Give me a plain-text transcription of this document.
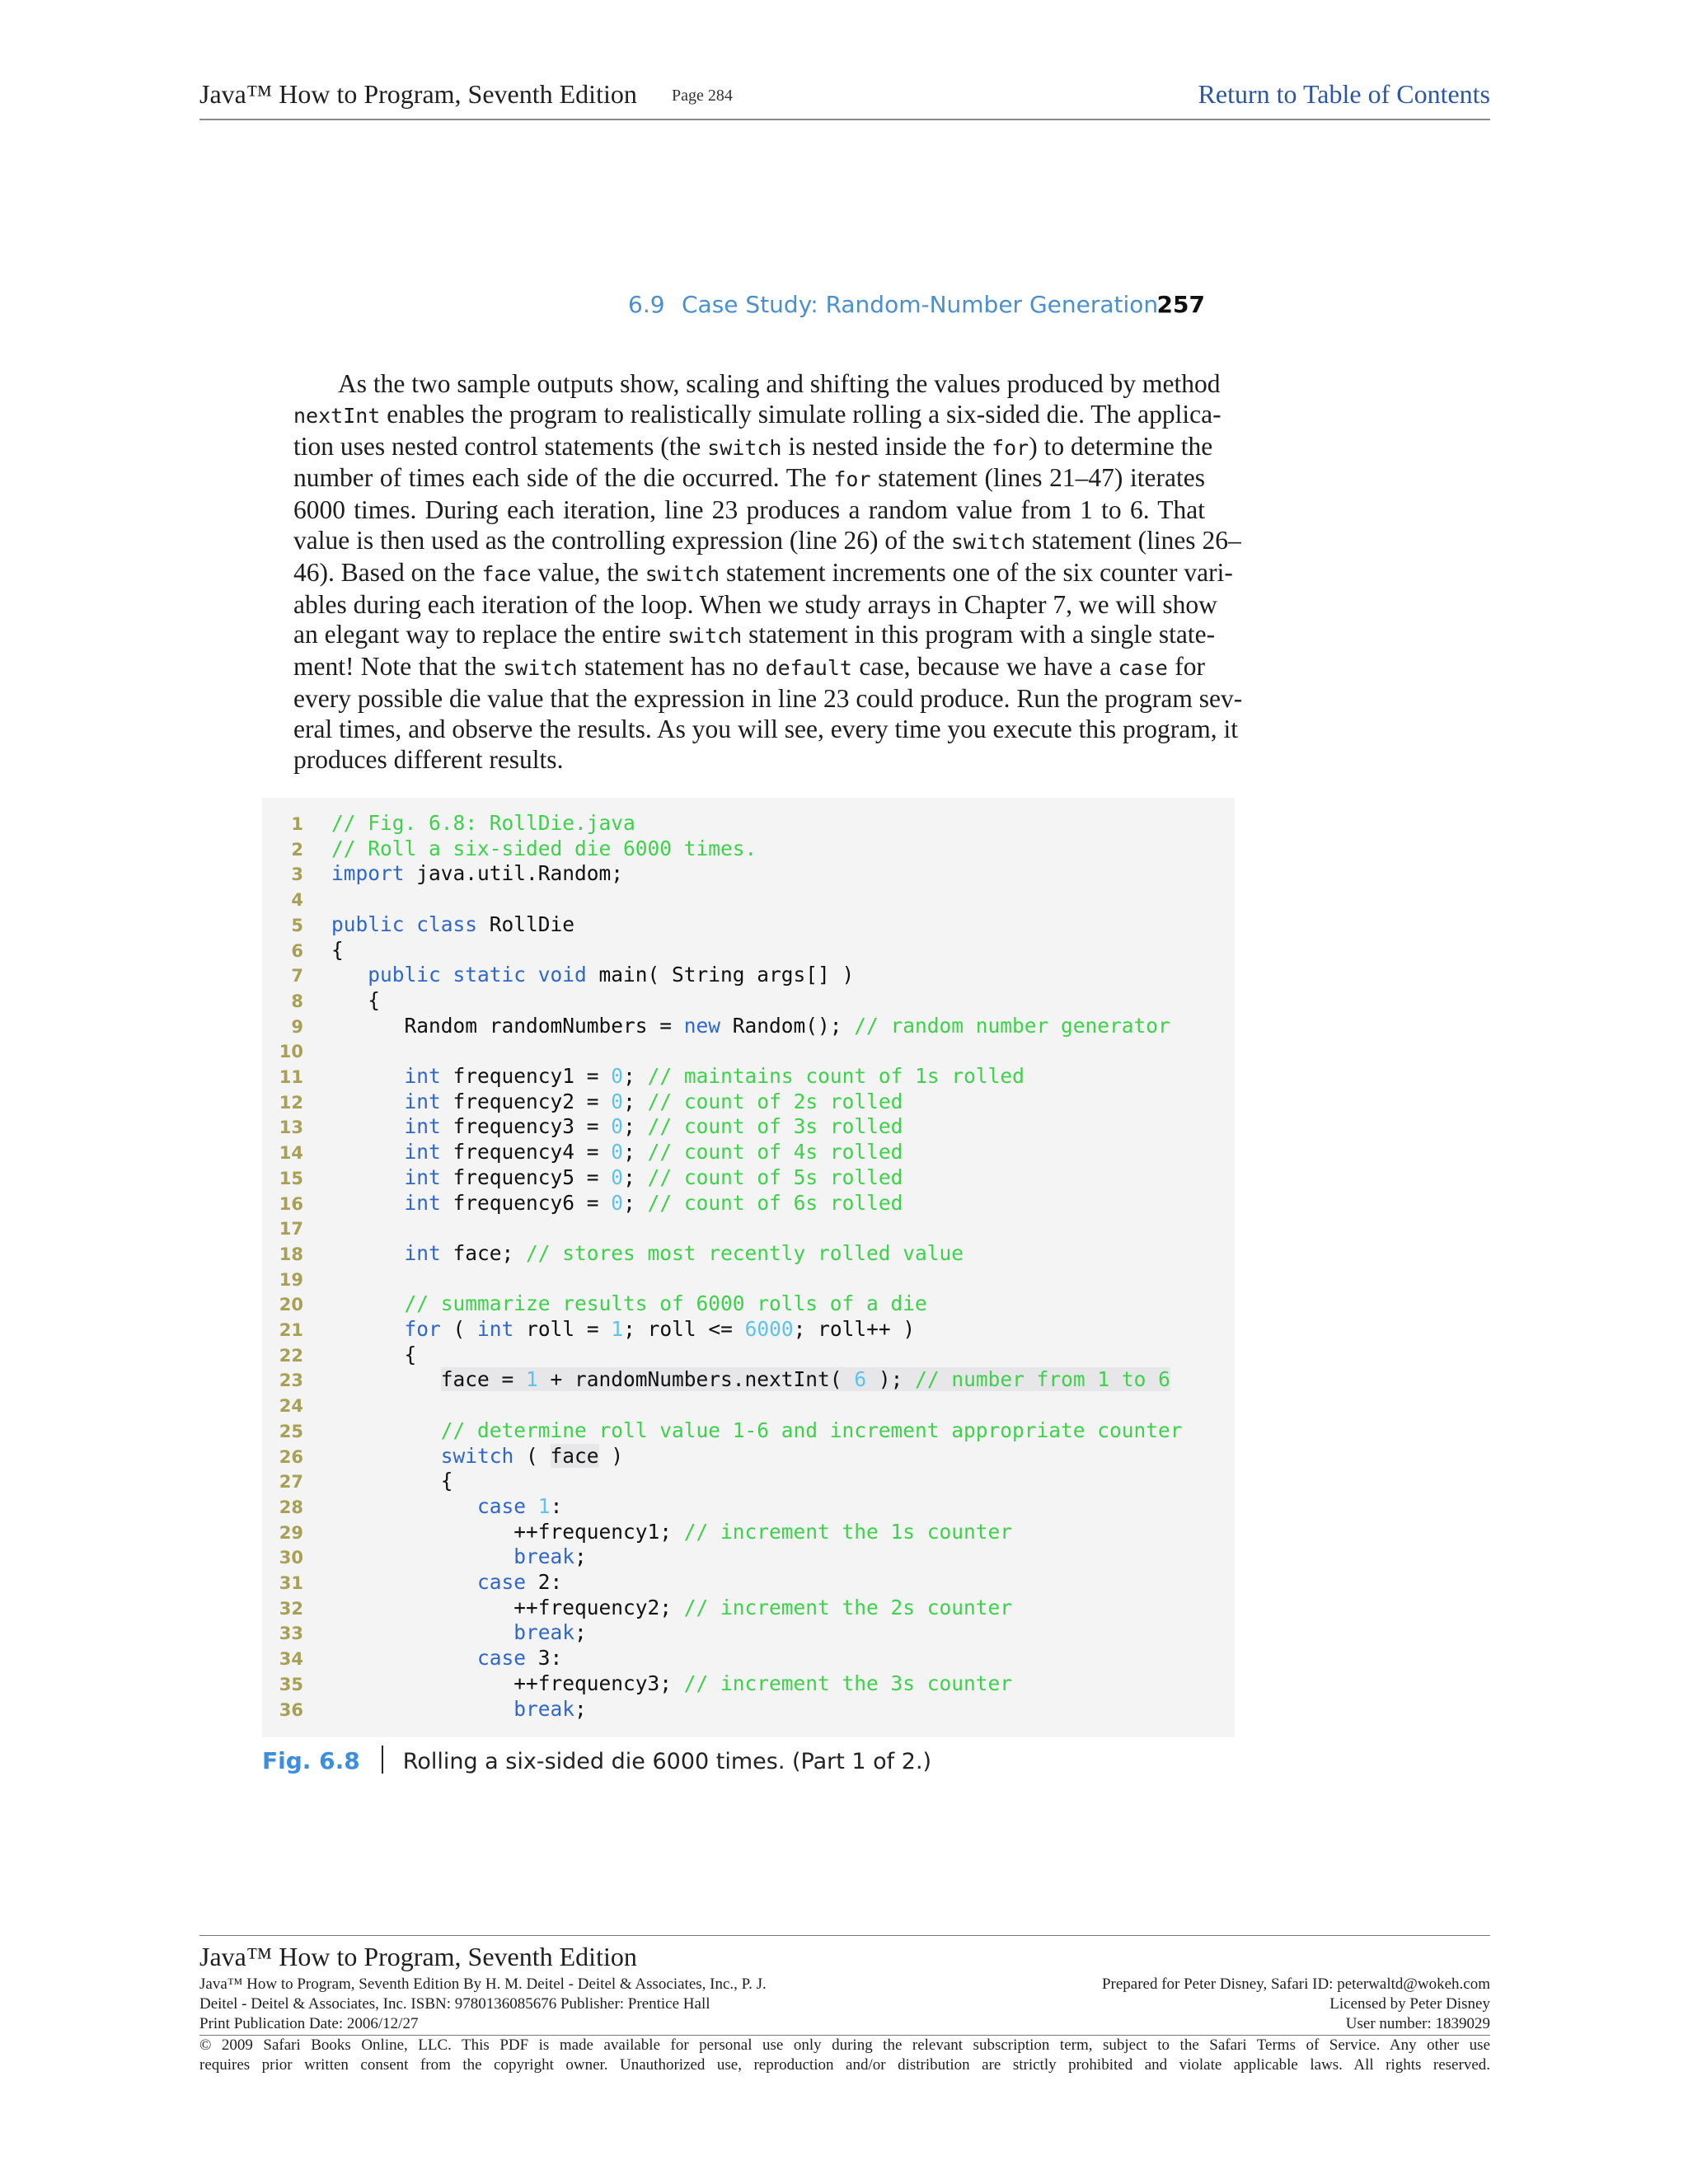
Java™ How to Program, Seventh Edition Page 284	Return to Table of Contents
6.9 Case Study: Random-Number Generation
257
As the two sample outputs show, scaling and shifting the values produced by method
nextInt enables the program to realistically simulate rolling a six-sided die. The applica-
tion uses nested control statements (the switch is nested inside the for) to determine the
number of times each side of the die occurred. The for statement (lines 21–47) iterates
6000 times. During each iteration, line 23 produces a random value from 1 to 6. That
value is then used as the controlling expression (line 26) of the switch statement (lines 26–
46). Based on the face value, the switch statement increments one of the six counter vari-
ables during each iteration of the loop. When we study arrays in Chapter 7, we will show
an elegant way to replace the entire switch statement in this program with a single state-
ment! Note that the switch statement has no default case, because we have a case for
every possible die value that the expression in line 23 could produce. Run the program sev-
eral times, and observe the results. As you will see, every time you execute this program, it
produces different results.
1 // Fig. 6.8: RollDie.java
2 // Roll a six-sided die 6000 times.
3 import java.util.Random;
4
5 public class RollDie
6 {
7	public static void main( String args[] )
8 {
9 Random randomNumbers = new Random(); // random number generator
10
11	int frequency1 = 0; // maintains count of 1s rolled
12	int frequency2 = 0; // count of 2s rolled
13	int frequency3 = 0; // count of 3s rolled
14	int frequency4 = 0; // count of 4s rolled
15	int frequency5 = 0; // count of 5s rolled
16	int frequency6 = 0; // count of 6s rolled
17
18	int face; // stores most recently rolled value
19
20	// summarize results of 6000 rolls of a die
21	for ( int roll = 1; roll <= 6000; roll++ )
22 {
23	face = 1 + randomNumbers.nextInt( 6 ); // number from 1 to 6
24
25	// determine roll value 1-6 and increment appropriate counter
26	switch ( face )
27 {
28	case 1:
29 ++frequency1; // increment the 1s counter
30	break;
31	case 2:
32 ++frequency2; // increment the 2s counter
33	break;
34	case 3:
35 ++frequency3; // increment the 3s counter
36	break;
Fig. 6.8 Rolling a six-sided die 6000 times. (Part 1 of 2.)
Java™ How to Program, Seventh Edition
Java™ How to Program, Seventh Edition By H. M. Deitel - Deitel & Associates, Inc., P. J.
Deitel - Deitel & Associates, Inc. ISBN: 9780136085676 Publisher: Prentice Hall
Print Publication Date: 2006/12/27
Prepared for Peter Disney, Safari ID: peterwaltd@wokeh.com
Licensed by Peter Disney
User number: 1839029
© 2009 Safari Books Online, LLC. This PDF is made available for personal use only during the relevant subscription term, subject to the Safari Terms of Service. Any other use
requires prior written consent from the copyright owner. Unauthorized use, reproduction and/or distribution are strictly prohibited and violate applicable laws. All rights reserved.
